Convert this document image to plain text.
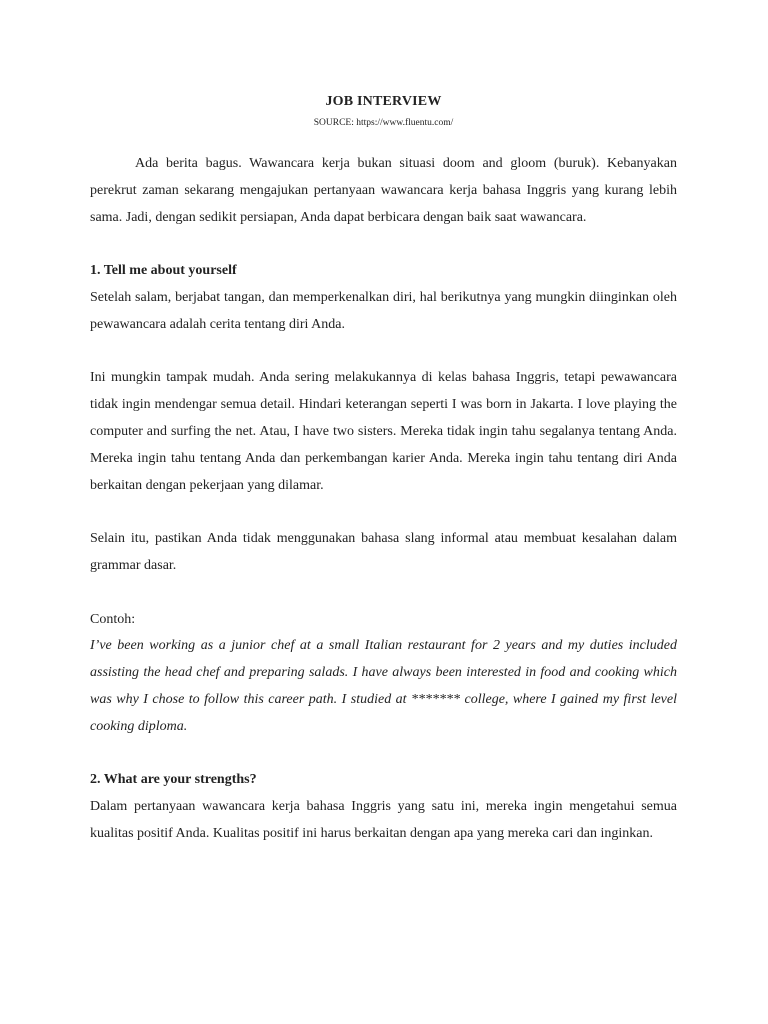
JOB INTERVIEW
SOURCE: https://www.fluentu.com/

Ada berita bagus. Wawancara kerja bukan situasi doom and gloom (buruk). Kebanyakan perekrut zaman sekarang mengajukan pertanyaan wawancara kerja bahasa Inggris yang kurang lebih sama. Jadi, dengan sedikit persiapan, Anda dapat berbicara dengan baik saat wawancara.

1. Tell me about yourself

Setelah salam, berjabat tangan, dan memperkenalkan diri, hal berikutnya yang mungkin diinginkan oleh pewawancara adalah cerita tentang diri Anda.

Ini mungkin tampak mudah. Anda sering melakukannya di kelas bahasa Inggris, tetapi pewawancara tidak ingin mendengar semua detail. Hindari keterangan seperti I was born in Jakarta. I love playing the computer and surfing the net. Atau, I have two sisters. Mereka tidak ingin tahu segalanya tentang Anda. Mereka ingin tahu tentang Anda dan perkembangan karier Anda. Mereka ingin tahu tentang diri Anda berkaitan dengan pekerjaan yang dilamar.

Selain itu, pastikan Anda tidak menggunakan bahasa slang informal atau membuat kesalahan dalam grammar dasar.

Contoh:

I’ve been working as a junior chef at a small Italian restaurant for 2 years and my duties included assisting the head chef and preparing salads. I have always been interested in food and cooking which was why I chose to follow this career path. I studied at ******* college, where I gained my first level cooking diploma.

2. What are your strengths?

Dalam pertanyaan wawancara kerja bahasa Inggris yang satu ini, mereka ingin mengetahui semua kualitas positif Anda. Kualitas positif ini harus berkaitan dengan apa yang mereka cari dan inginkan.
